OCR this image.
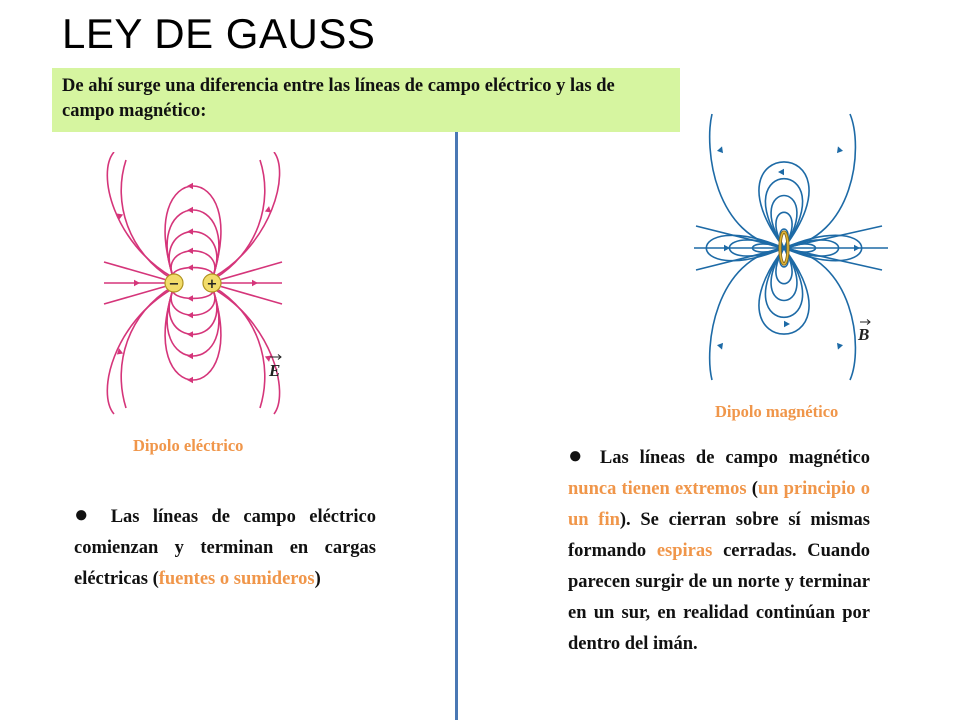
LEY DE GAUSS
De ahí surge una diferencia entre las líneas de campo eléctrico y las de campo magnético:
− +
E
B
Dipolo eléctrico
Dipolo magnético
● Las líneas de campo eléctrico comienzan y terminan en cargas eléctricas (fuentes o sumideros)
● Las líneas de campo magnético nunca tienen extremos (un principio o un fin). Se cierran sobre sí mismas formando espiras cerradas. Cuando parecen surgir de un norte y terminar en un sur, en realidad continúan por dentro del imán.
